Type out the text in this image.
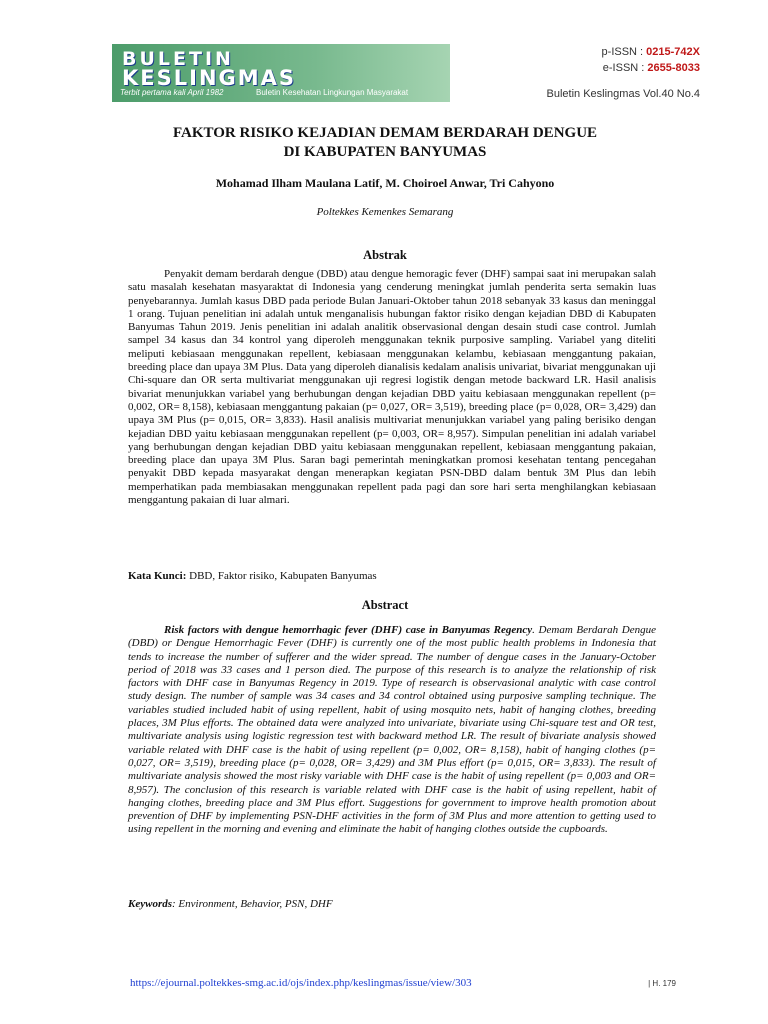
BULETIN
KESLINGMAS
Terbit pertama kali April 1982	Buletin Kesehatan Lingkungan Masyarakat
p-ISSN : 0215-742X
e-ISSN : 2655-8033
Buletin Keslingmas Vol.40 No.4
FAKTOR RISIKO KEJADIAN DEMAM BERDARAH DENGUE
DI KABUPATEN BANYUMAS
Mohamad Ilham Maulana Latif, M. Choiroel Anwar, Tri Cahyono
Poltekkes Kemenkes Semarang
Abstrak

Penyakit demam berdarah dengue (DBD) atau dengue hemoragic fever (DHF) sampai saat ini merupakan salah satu masalah kesehatan masyaraktat di Indonesia yang cenderung meningkat jumlah penderita serta semakin luas penyebarannya. Jumlah kasus DBD pada periode Bulan Januari-Oktober tahun 2018 sebanyak 33 kasus dan meninggal 1 orang. Tujuan penelitian ini adalah untuk menganalisis hubungan faktor risiko dengan kejadian DBD di Kabupaten Banyumas Tahun 2019. Jenis penelitian ini adalah analitik observasional dengan desain studi case control. Jumlah sampel 34 kasus dan 34 kontrol yang diperoleh menggunakan teknik purposive sampling. Variabel yang diteliti meliputi kebiasaan menggunakan repellent, kebiasaan menggunakan kelambu, kebiasaan menggantung pakaian, breeding place dan upaya 3M Plus. Data yang diperoleh dianalisis kedalam analisis univariat, bivariat menggunakan uji Chi-square dan OR serta multivariat menggunakan uji regresi logistik dengan metode backward LR. Hasil analisis bivariat menunjukkan variabel yang berhubungan dengan kejadian DBD yaitu kebiasaan menggunakan repellent (p= 0,002, OR= 8,158), kebiasaan menggantung pakaian (p= 0,027, OR= 3,519), breeding place (p= 0,028, OR= 3,429) dan upaya 3M Plus (p= 0,015, OR= 3,833). Hasil analisis multivariat menunjukkan variabel yang paling berisiko dengan kejadian DBD yaitu kebiasaan menggunakan repellent (p= 0,003, OR= 8,957). Simpulan penelitian ini adalah variabel yang berhubungan dengan kejadian DBD yaitu kebiasaan menggunakan repellent, kebiasaan menggantung pakaian, breeding place dan upaya 3M Plus. Saran bagi pemerintah meningkatkan promosi kesehatan tentang pencegahan penyakit DBD kepada masyarakat dengan menerapkan kegiatan PSN-DBD dalam bentuk 3M Plus dan lebih memperhatikan pada membiasakan menggunakan repellent pada pagi dan sore hari serta menghilangkan kebiasaan menggantung pakaian di luar almari.

Kata Kunci: DBD, Faktor risiko, Kabupaten Banyumas
Abstract

Risk factors with dengue hemorrhagic fever (DHF) case in Banyumas Regency. Demam Berdarah Dengue (DBD) or Dengue Hemorrhagic Fever (DHF) is currently one of the most public health problems in Indonesia that tends to increase the number of sufferer and the wider spread. The number of dengue cases in the January-October period of 2018 was 33 cases and 1 person died. The purpose of this research is to analyze the relationship of risk factors with DHF case in Banyumas Regency in 2019. Type of research is observasional analytic with case control study design. The number of sample was 34 cases and 34 control obtained using purposive sampling technique. The variables studied included habit of using repellent, habit of using mosquito nets, habit of hanging clothes, breeding places, 3M Plus efforts. The obtained data were analyzed into univariate, bivariate using Chi-square test and OR test, multivariate analysis using logistic regression test with backward method LR. The result of bivariate analysis showed variable related with DHF case is the habit of using repellent (p= 0,002, OR= 8,158), habit of hanging clothes (p= 0,027, OR= 3,519), breeding place (p= 0,028, OR= 3,429) and 3M Plus effort (p= 0,015, OR= 3,833). The result of multivariate analysis showed the most risky variable with DHF case is the habit of using repellent (p= 0,003 and OR= 8,957). The conclusion of this research is variable related with DHF case is the habit of using repellent, habit of hanging clothes, breeding place and 3M Plus effort. Suggestions for government to improve health promotion about prevention of DHF by implementing PSN-DHF activities in the form of 3M Plus and more attention to getting used to using repellent in the morning and evening and eliminate the habit of hanging clothes outside the cupboards.

Keywords: Environment, Behavior, PSN, DHF
https://ejournal.poltekkes-smg.ac.id/ojs/index.php/keslingmas/issue/view/303	| H. 179
